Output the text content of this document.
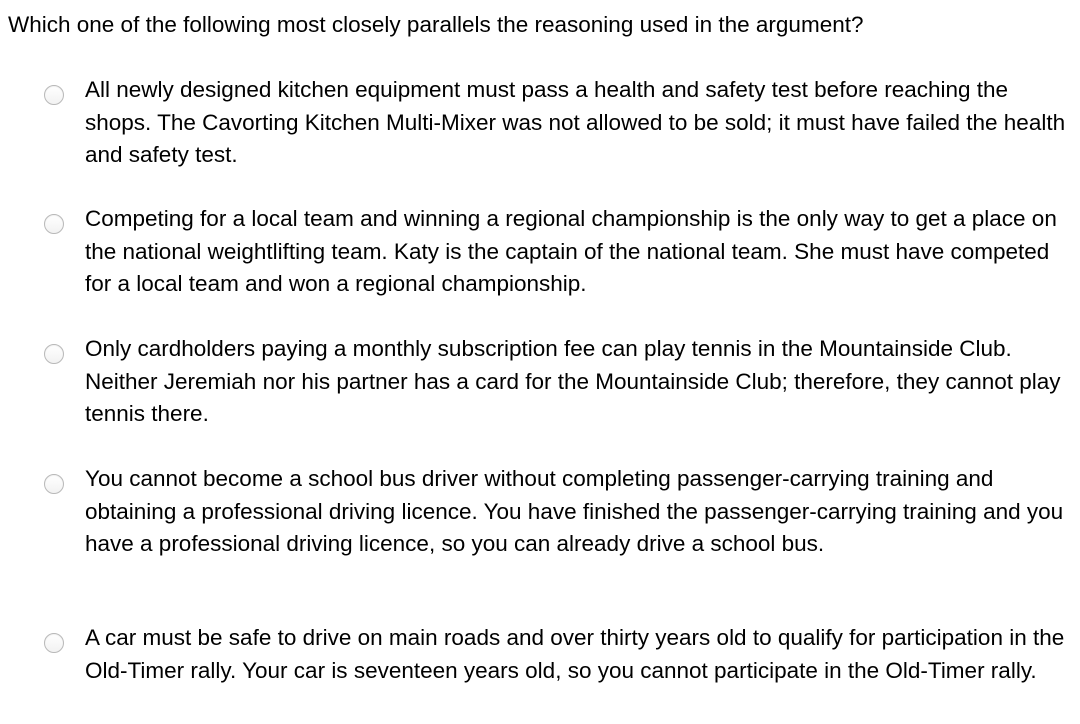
Which one of the following most closely parallels the reasoning used in the argument?

All newly designed kitchen equipment must pass a health and safety test before reaching the shops. The Cavorting Kitchen Multi-Mixer was not allowed to be sold; it must have failed the health and safety test.

Competing for a local team and winning a regional championship is the only way to get a place on the national weightlifting team. Katy is the captain of the national team. She must have competed for a local team and won a regional championship.

Only cardholders paying a monthly subscription fee can play tennis in the Mountainside Club. Neither Jeremiah nor his partner has a card for the Mountainside Club; therefore, they cannot play tennis there.

You cannot become a school bus driver without completing passenger-carrying training and obtaining a professional driving licence. You have finished the passenger-carrying training and you have a professional driving licence, so you can already drive a school bus.

A car must be safe to drive on main roads and over thirty years old to qualify for participation in the Old-Timer rally. Your car is seventeen years old, so you cannot participate in the Old-Timer rally.
